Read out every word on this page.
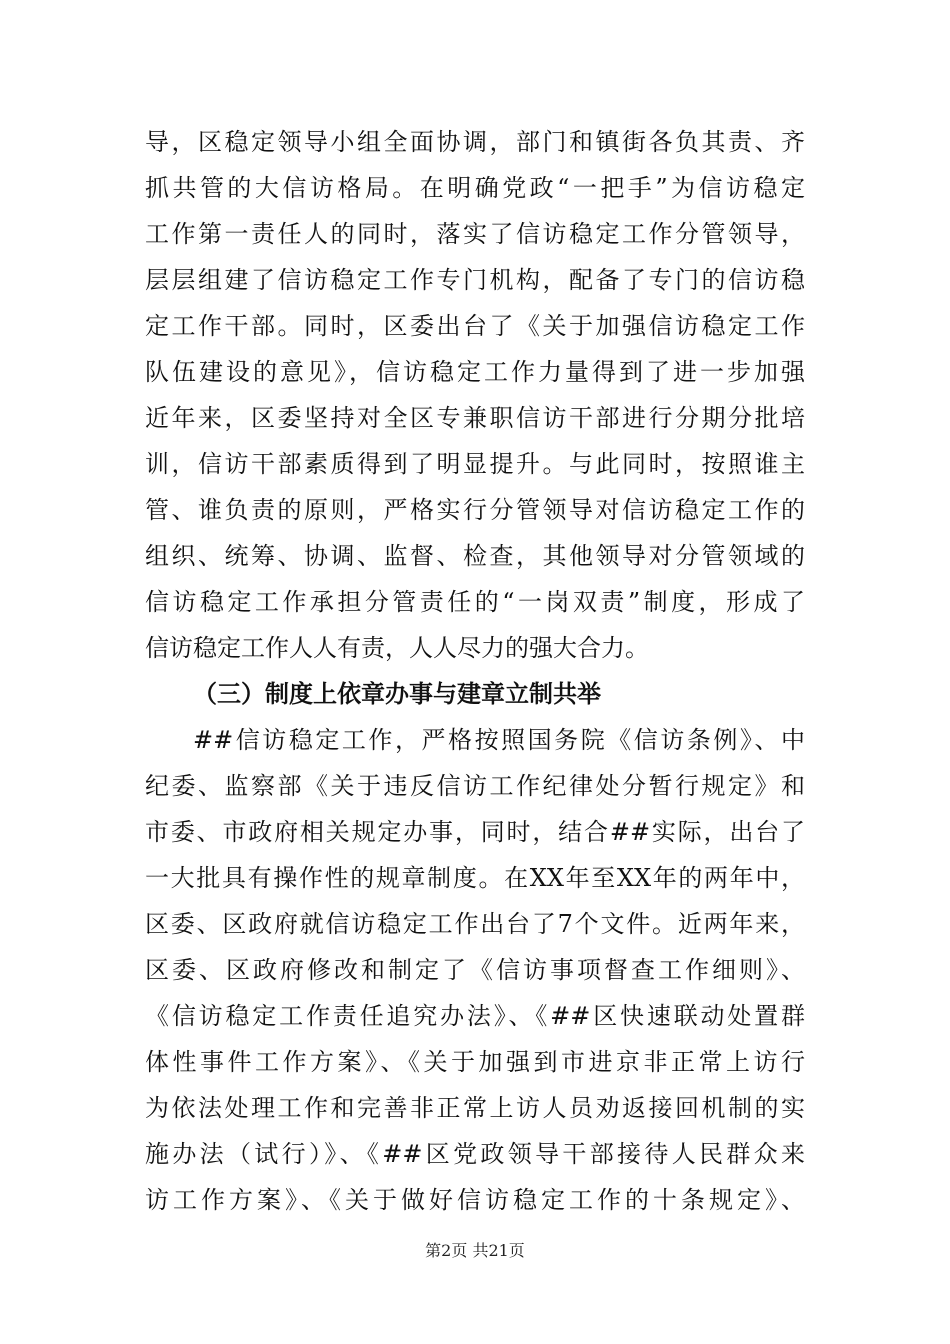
导，区稳定领导小组全面协调，部门和镇街各负其责、齐
抓共管的大信访格局。在明确党政“一把手”为信访稳定
工作第一责任人的同时，落实了信访稳定工作分管领导，
层层组建了信访稳定工作专门机构，配备了专门的信访稳
定工作干部。同时，区委出台了《关于加强信访稳定工作
队伍建设的意见》，信访稳定工作力量得到了进一步加强
近年来，区委坚持对全区专兼职信访干部进行分期分批培
训，信访干部素质得到了明显提升。与此同时，按照谁主
管、谁负责的原则，严格实行分管领导对信访稳定工作的
组织、统筹、协调、监督、检查，其他领导对分管领域的
信访稳定工作承担分管责任的“一岗双责”制度，形成了
信访稳定工作人人有责，人人尽力的强大合力。
（三）制度上依章办事与建章立制共举
##信访稳定工作，严格按照国务院《信访条例》、中
纪委、监察部《关于违反信访工作纪律处分暂行规定》和
市委、市政府相关规定办事，同时，结合##实际，出台了
一大批具有操作性的规章制度。在XX年至XX年的两年中，
区委、区政府就信访稳定工作出台了7个文件。近两年来，
区委、区政府修改和制定了《信访事项督查工作细则》、
《信访稳定工作责任追究办法》、《##区快速联动处置群
体性事件工作方案》、《关于加强到市进京非正常上访行
为依法处理工作和完善非正常上访人员劝返接回机制的实
施办法（试行）》、《##区党政领导干部接待人民群众来
访工作方案》、《关于做好信访稳定工作的十条规定》、
第2页 共21页
